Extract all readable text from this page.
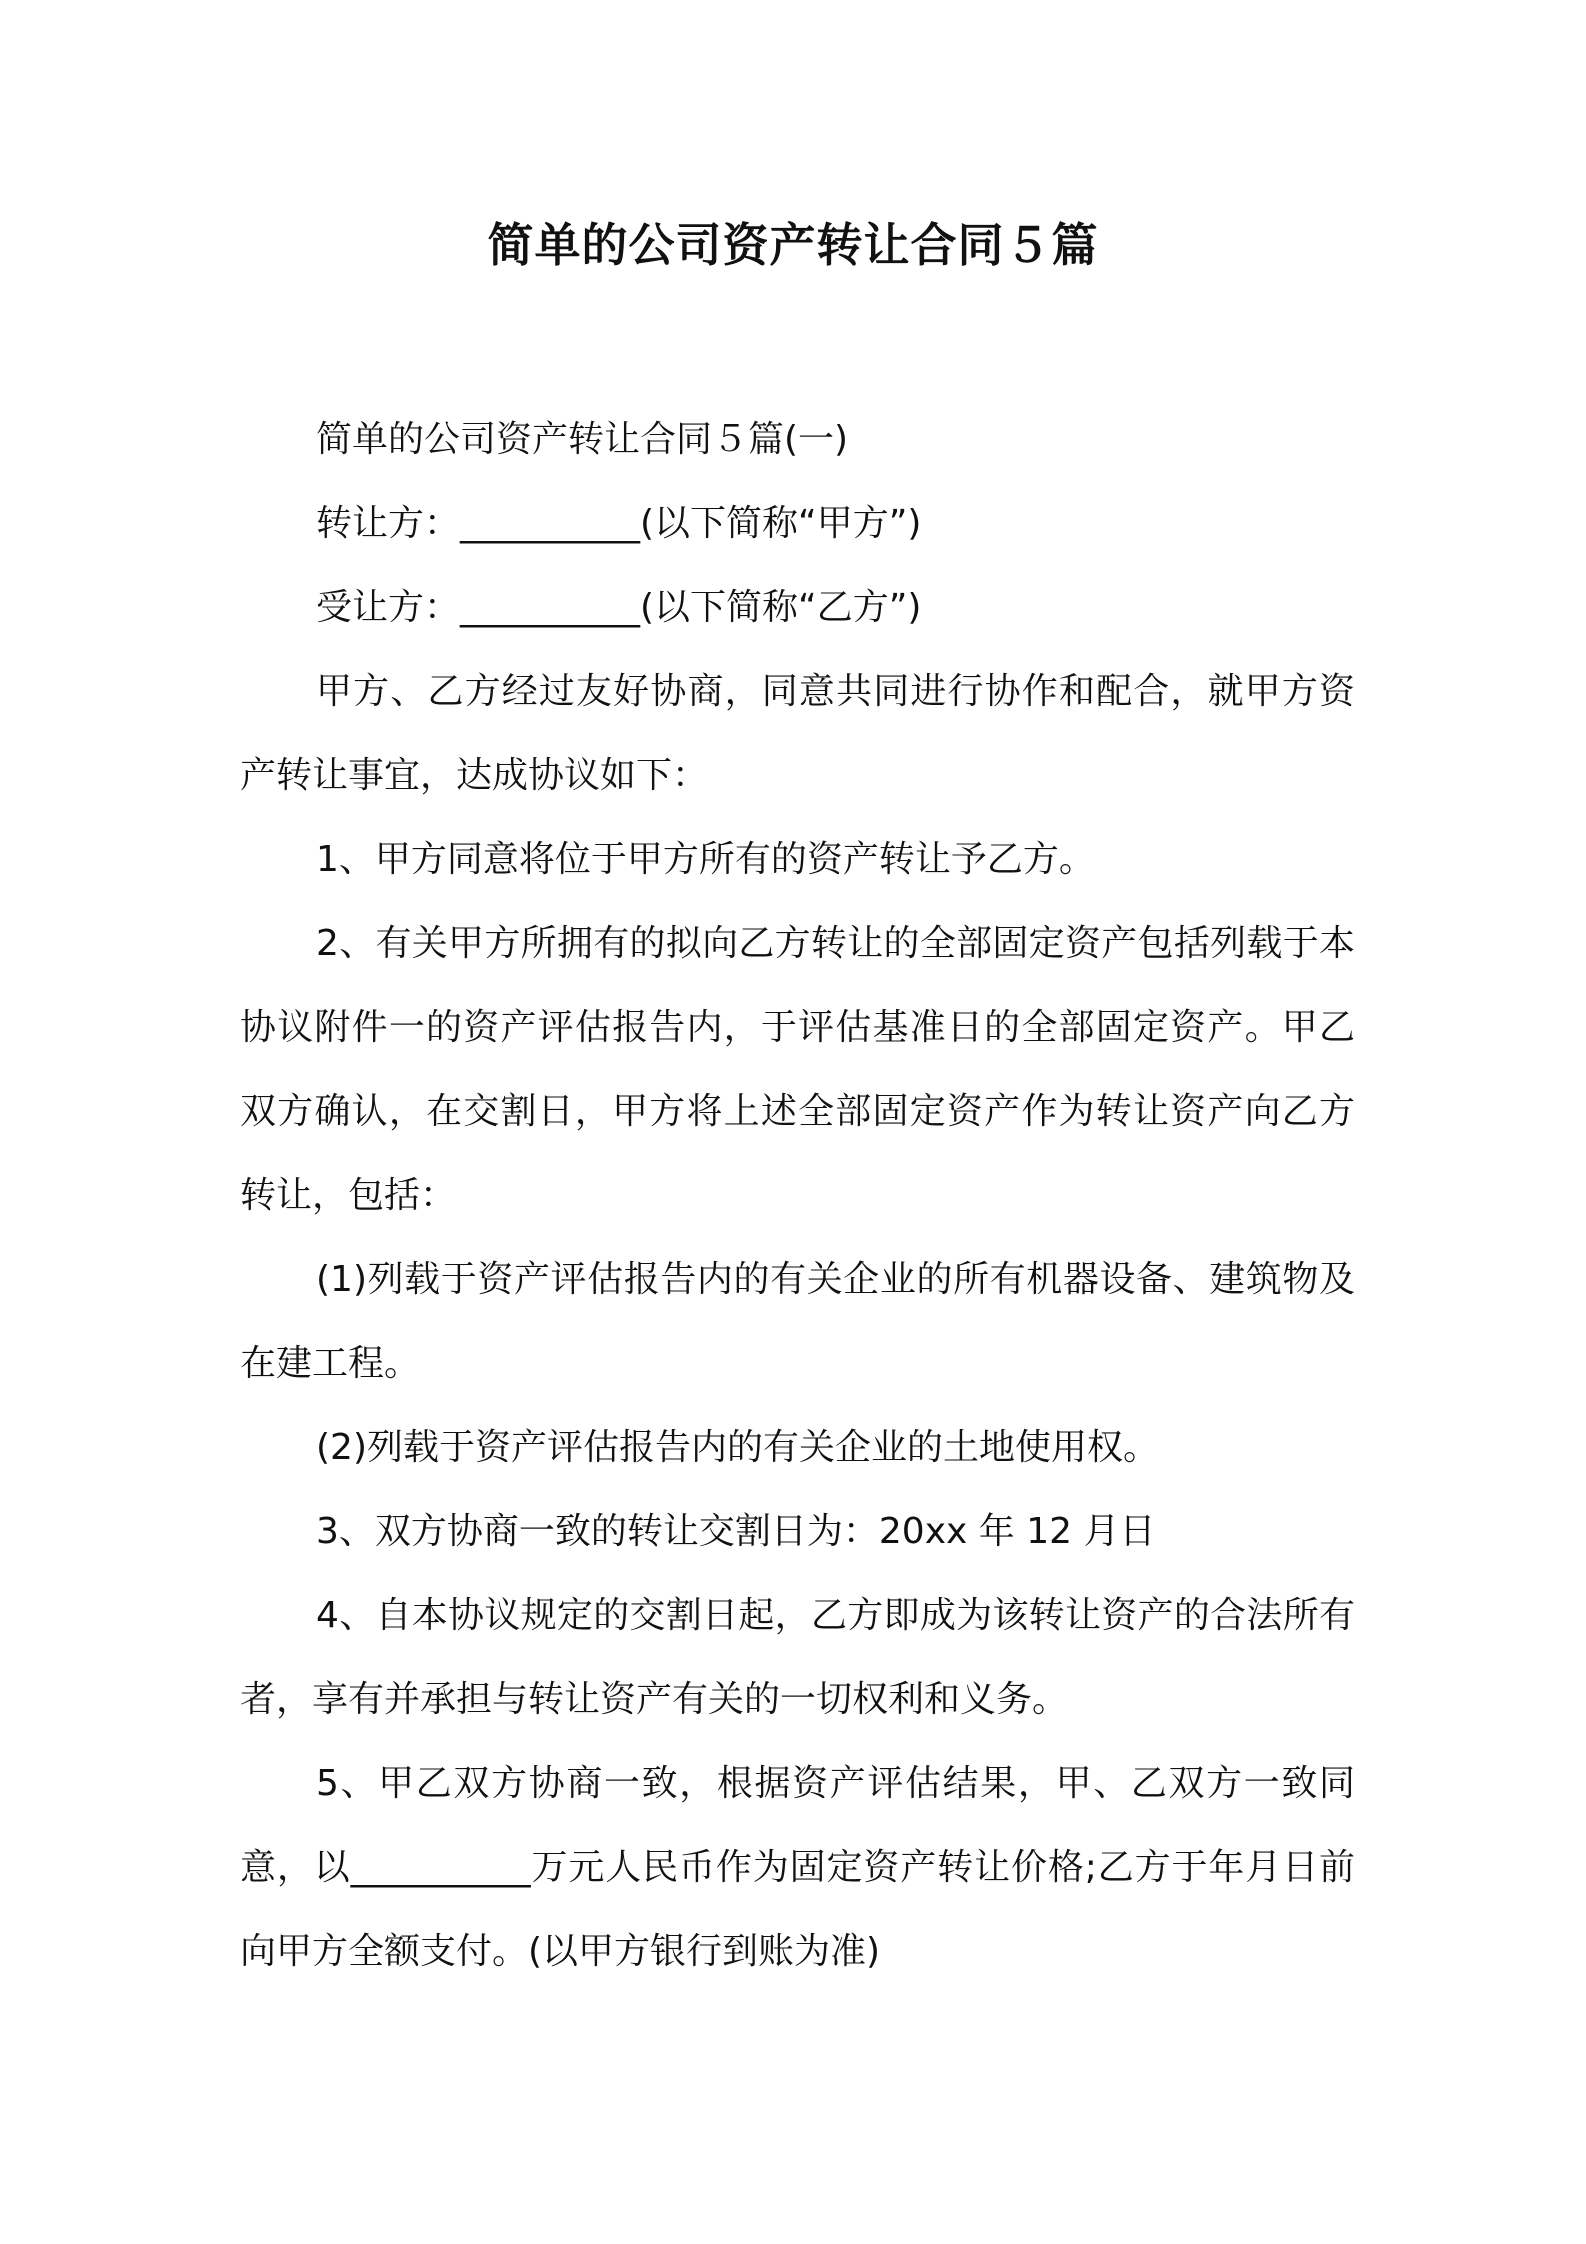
简单的公司资产转让合同５篇

简单的公司资产转让合同５篇(一)

转让方：__________(以下简称“甲方”)

受让方：__________(以下简称“乙方”)

甲方、乙方经过友好协商，同意共同进行协作和配合，就甲方资产转让事宜，达成协议如下：

1、甲方同意将位于甲方所有的资产转让予乙方。

2、有关甲方所拥有的拟向乙方转让的全部固定资产包括列载于本协议附件一的资产评估报告内，于评估基准日的全部固定资产。甲乙双方确认，在交割日，甲方将上述全部固定资产作为转让资产向乙方转让，包括：

(1)列载于资产评估报告内的有关企业的所有机器设备、建筑物及在建工程。

(2)列载于资产评估报告内的有关企业的土地使用权。

3、双方协商一致的转让交割日为：20xx 年 12 月日

4、自本协议规定的交割日起，乙方即成为该转让资产的合法所有者，享有并承担与转让资产有关的一切权利和义务。

5、甲乙双方协商一致，根据资产评估结果，甲、乙双方一致同意，以__________万元人民币作为固定资产转让价格;乙方于年月日前向甲方全额支付。(以甲方银行到账为准)
